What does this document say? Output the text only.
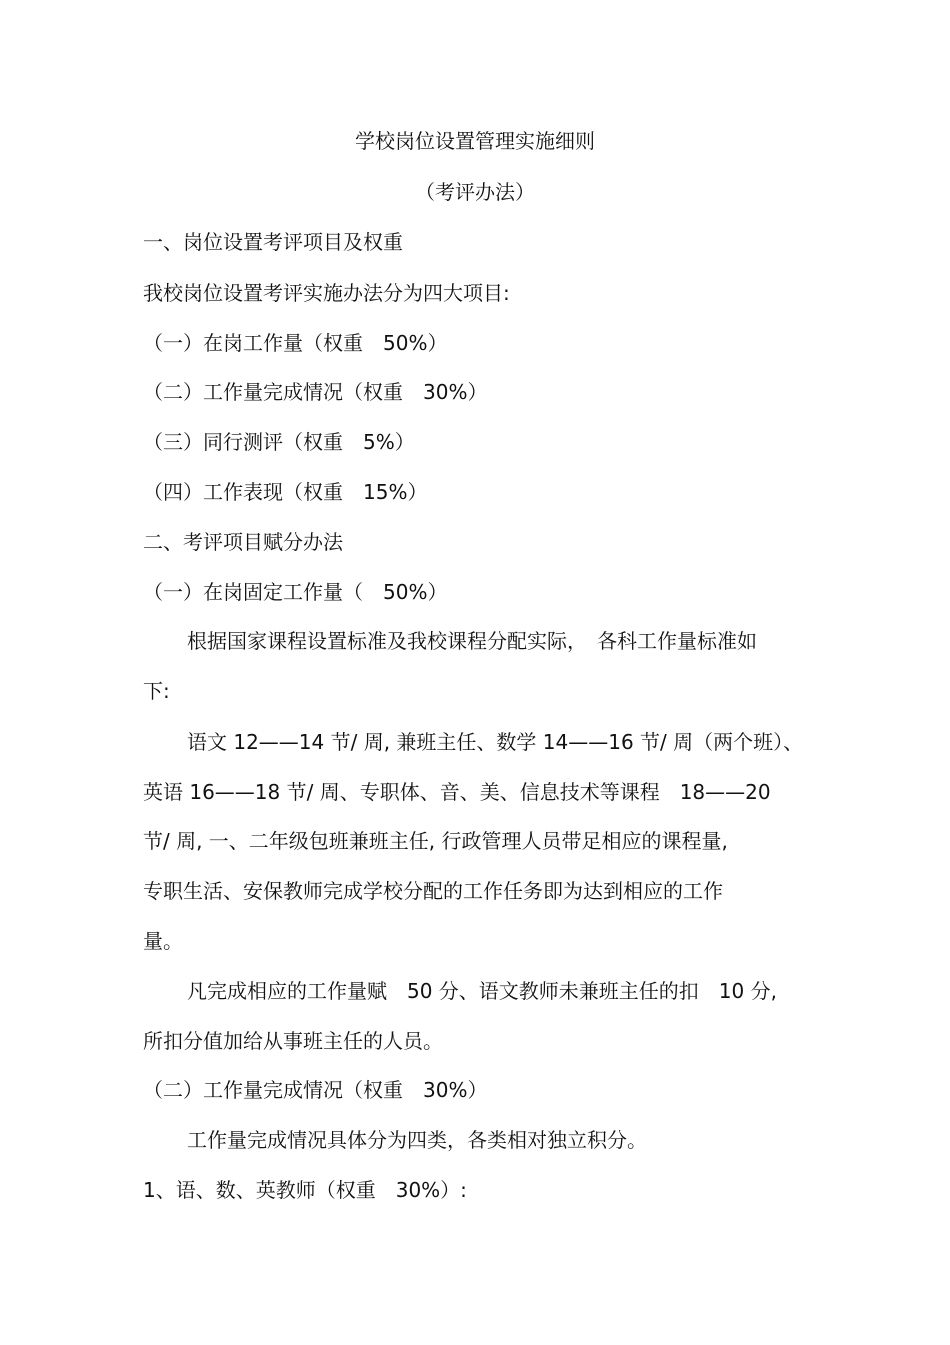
学校岗位设置管理实施细则
（考评办法）
一、岗位设置考评项目及权重
我校岗位设置考评实施办法分为四大项目:
（一）在岗工作量（权重　50%）
（二）工作量完成情况（权重　30%）
（三）同行测评（权重　5%）
（四）工作表现（权重　15%）
二、考评项目赋分办法
（一）在岗固定工作量（　50%）
根据国家课程设置标准及我校课程分配实际，　各科工作量标准如
下:
语文 12——14 节/ 周, 兼班主任、数学 14——16 节/ 周（两个班）、
英语 16——18 节/ 周、专职体、音、美、信息技术等课程　18——20
节/ 周, 一、二年级包班兼班主任, 行政管理人员带足相应的课程量,
专职生活、安保教师完成学校分配的工作任务即为达到相应的工作
量。
凡完成相应的工作量赋　50 分、语文教师未兼班主任的扣　10 分,
所扣分值加给从事班主任的人员。
（二）工作量完成情况（权重　30%）
工作量完成情况具体分为四类，各类相对独立积分。
1、语、数、英教师（权重　30%）:
